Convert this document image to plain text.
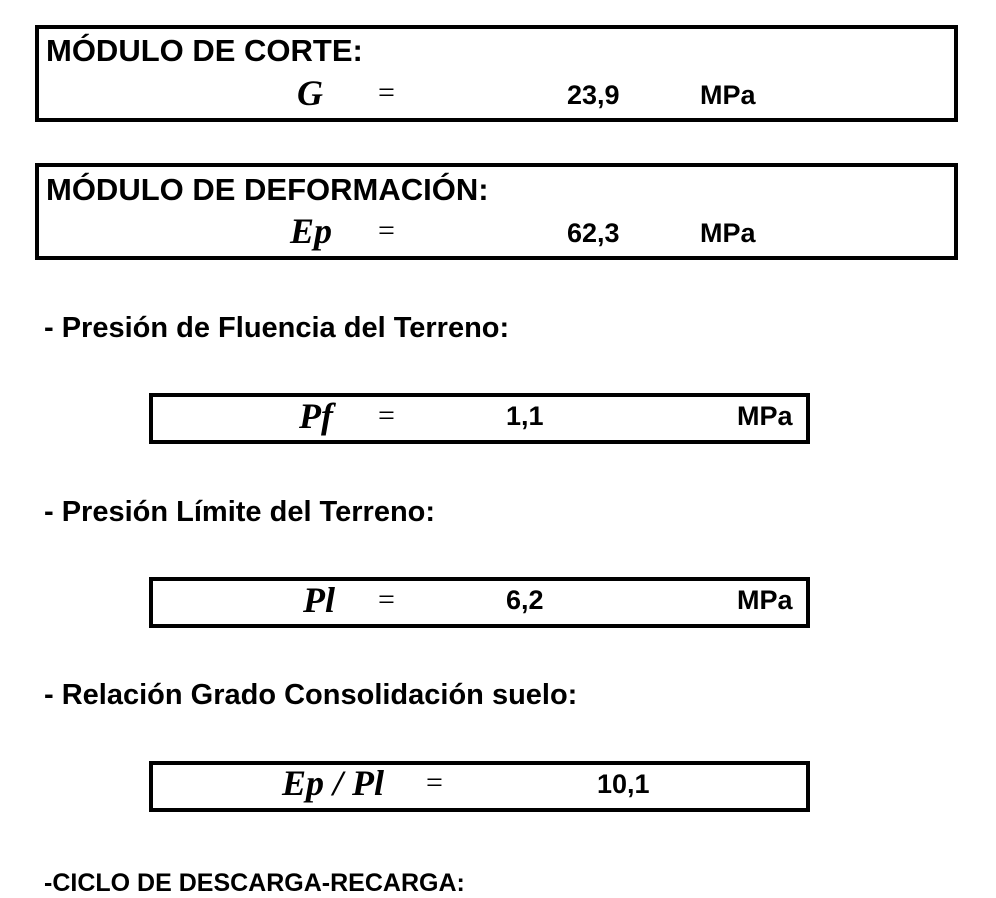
MÓDULO DE CORTE:
G =	23,9	MPa
MÓDULO DE DEFORMACIÓN:
Ep =	62,3	MPa
- Presión de Fluencia del Terreno:
Pf =	1,1	MPa
- Presión Límite del Terreno:
Pl =	6,2	MPa
- Relación Grado Consolidación suelo:
Ep / Pl =	10,1
-CICLO DE DESCARGA-RECARGA:
